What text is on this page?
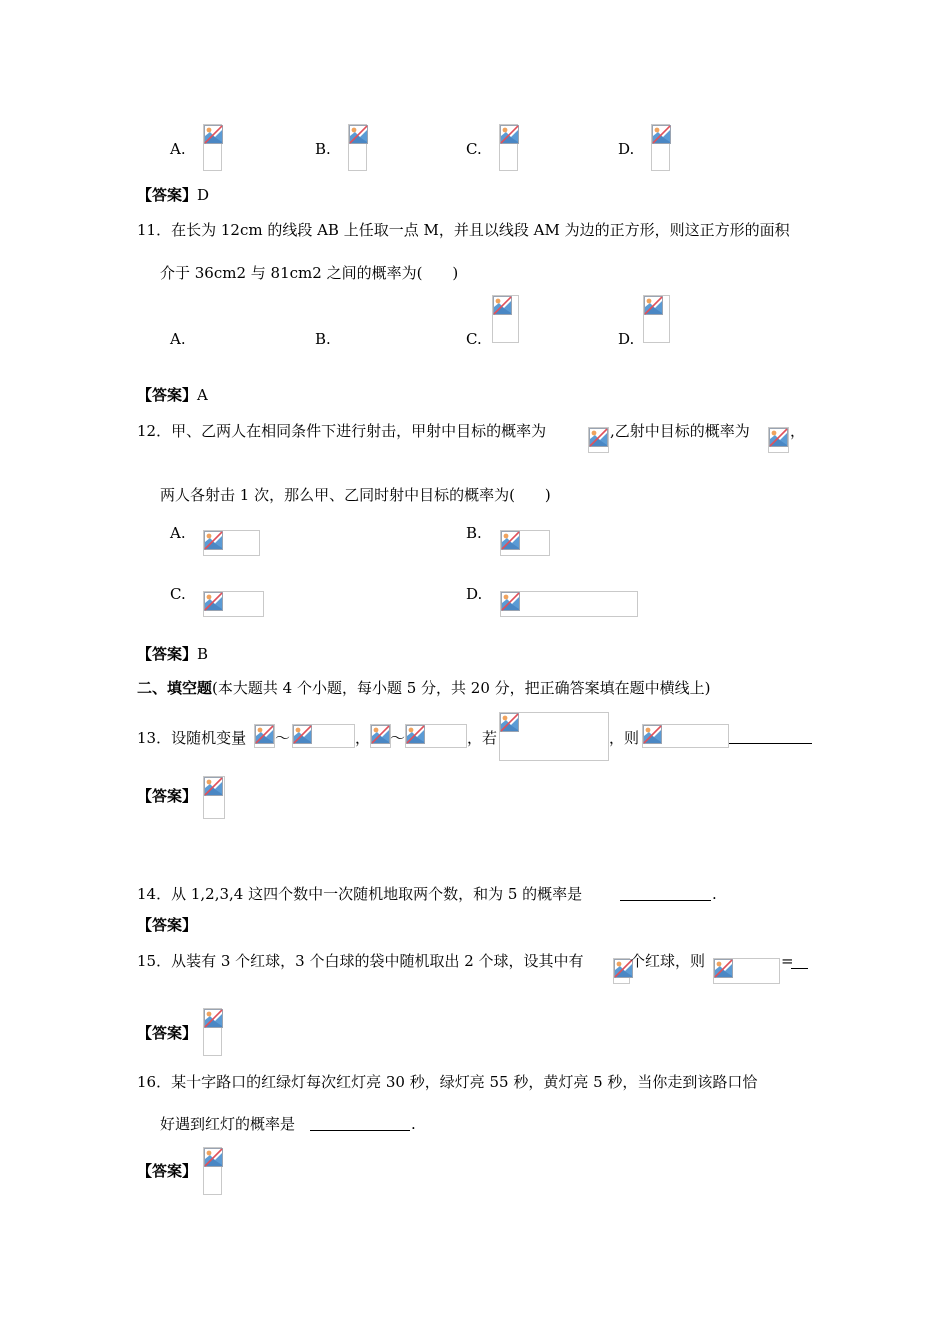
A.	B.	C.	D.
【答案】D
11．在长为 12cm 的线段 AB 上任取一点 M，并且以线段 AM 为边的正方形，则这正方形的面积
介于 36cm2 与 81cm2 之间的概率为(　　)
A.	B.	C.	D.
【答案】A
12．甲、乙两人在相同条件下进行射击，甲射中目标的概率为	,乙射中目标的概率为	，
两人各射击 1 次，那么甲、乙同时射中目标的概率为(　　)
A.	B.
C.	D.
【答案】B
二、填空题(本大题共 4 个小题，每小题 5 分，共 20 分，把正确答案填在题中横线上)
13．设随机变量 ～	， ～	，若	，则
【答案】
14．从 1,2,3,4 这四个数中一次随机地取两个数，和为 5 的概率是	.
【答案】
15．从装有 3 个红球，3 个白球的袋中随机取出 2 个球，设其中有	个红球，则	=
【答案】
16．某十字路口的红绿灯每次红灯亮 30 秒，绿灯亮 55 秒，黄灯亮 5 秒，当你走到该路口恰
好遇到红灯的概率是	.
【答案】
